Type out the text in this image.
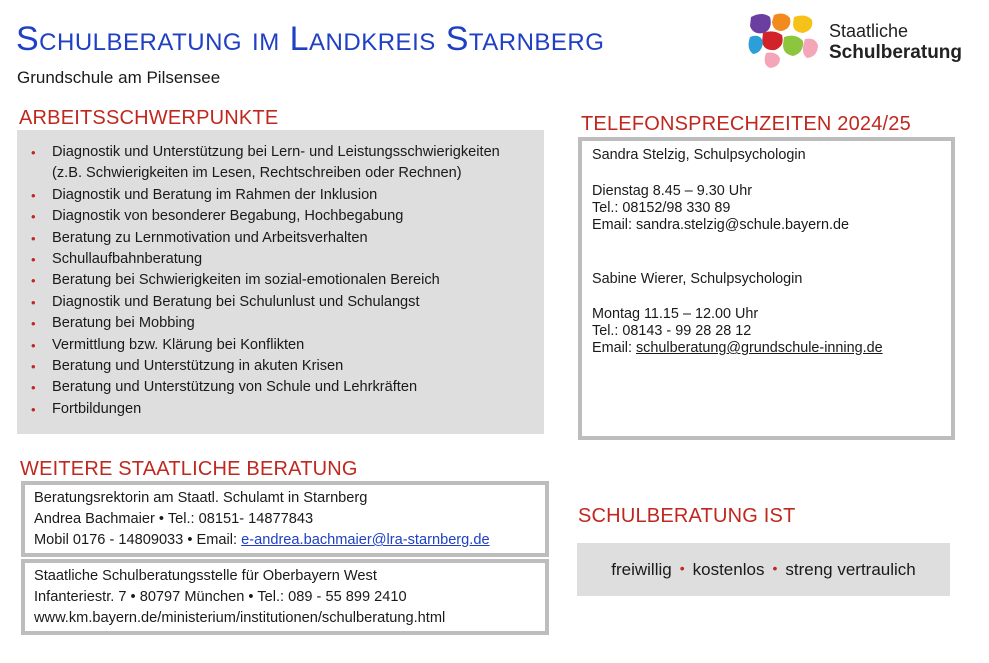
Schulberatung im Landkreis Starnberg
Grundschule am Pilsensee
Staatliche
Schulberatung
ARBEITSSCHWERPUNKTE
• Diagnostik und Unterstützung bei Lern- und Leistungsschwierigkeiten
(z.B. Schwierigkeiten im Lesen, Rechtschreiben oder Rechnen)
• Diagnostik und Beratung im Rahmen der Inklusion
• Diagnostik von besonderer Begabung, Hochbegabung
• Beratung zu Lernmotivation und Arbeitsverhalten
• Schullaufbahnberatung
• Beratung bei Schwierigkeiten im sozial-emotionalen Bereich
• Diagnostik und Beratung bei Schulunlust und Schulangst
• Beratung bei Mobbing
• Vermittlung bzw. Klärung bei Konflikten
• Beratung und Unterstützung in akuten Krisen
• Beratung und Unterstützung von Schule und Lehrkräften
• Fortbildungen
TELEFONSPRECHZEITEN 2024/25
Sandra Stelzig, Schulpsychologin
Dienstag 8.45 – 9.30 Uhr
Tel.: 08152/98 330 89
Email: sandra.stelzig@schule.bayern.de
Sabine Wierer, Schulpsychologin
Montag 11.15 – 12.00 Uhr
Tel.: 08143 - 99 28 28 12
Email: schulberatung@grundschule-inning.de
WEITERE STAATLICHE BERATUNG
Beratungsrektorin am Staatl. Schulamt in Starnberg
Andrea Bachmaier • Tel.: 08151- 14877843
Mobil 0176 - 14809033 • Email: e-andrea.bachmaier@lra-starnberg.de
Staatliche Schulberatungsstelle für Oberbayern West
Infanteriestr. 7 • 80797 München • Tel.: 089 - 55 899 2410
www.km.bayern.de/ministerium/institutionen/schulberatung.html
SCHULBERATUNG IST
freiwillig • kostenlos • streng vertraulich
